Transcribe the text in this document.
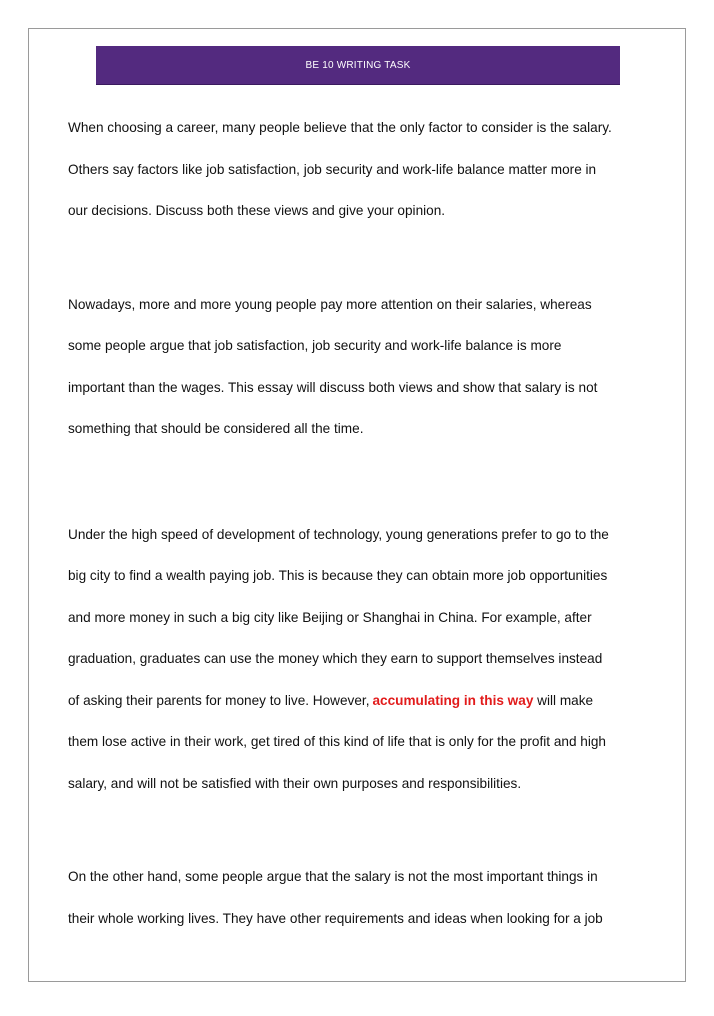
BE 10 WRITING TASK
When choosing a career, many people believe that the only factor to consider is the salary.
Others say factors like job satisfaction, job security and work-life balance matter more in
our decisions. Discuss both these views and give your opinion.
Nowadays, more and more young people pay more attention on their salaries, whereas
some people argue that job satisfaction, job security and work-life balance is more
important than the wages. This essay will discuss both views and show that salary is not
something that should be considered all the time.
Under the high speed of development of technology, young generations prefer to go to the
big city to find a wealth paying job. This is because they can obtain more job opportunities
and more money in such a big city like Beijing or Shanghai in China. For example, after
graduation, graduates can use the money which they earn to support themselves instead
of asking their parents for money to live. However, accumulating in this way will make
them lose active in their work, get tired of this kind of life that is only for the profit and high
salary, and will not be satisfied with their own purposes and responsibilities.
On the other hand, some people argue that the salary is not the most important things in
their whole working lives. They have other requirements and ideas when looking for a job
